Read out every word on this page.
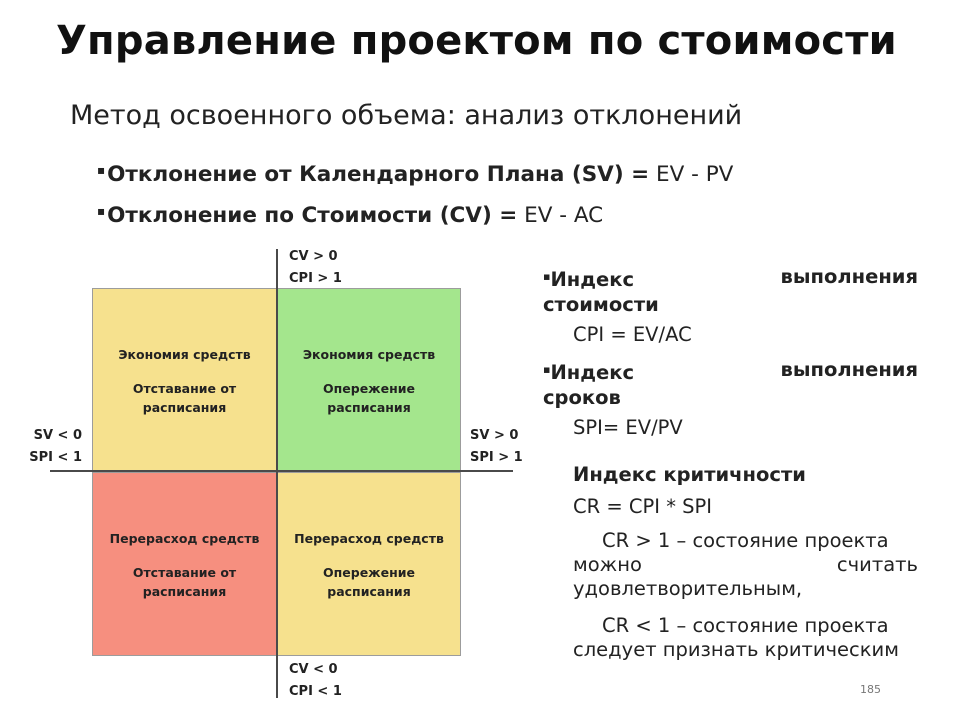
Управление проектом по стоимости
Метод освоенного объема: анализ отклонений
▪Отклонение от Календарного Плана (SV) = EV - PV
▪Отклонение по Стоимости (CV) = EV - AC
Экономия средств
Отставание от
расписания
Экономия средств
Опережение
расписания
Перерасход средств
Отставание от
расписания
Перерасход средств
Опережение
расписания
CV > 0
CPI > 1
CV < 0
CPI < 1
SV < 0
SPI < 1
SV > 0
SPI > 1
▪Индекс	выполнения
стоимости
CPI = EV/AC
▪Индекс	выполнения
сроков
SPI= EV/PV
Индекс критичности
CR = CPI * SPI
CR > 1 – состояние проекта
можно	считать
удовлетворительным,
CR < 1 – состояние проекта
следует признать критическим
185
